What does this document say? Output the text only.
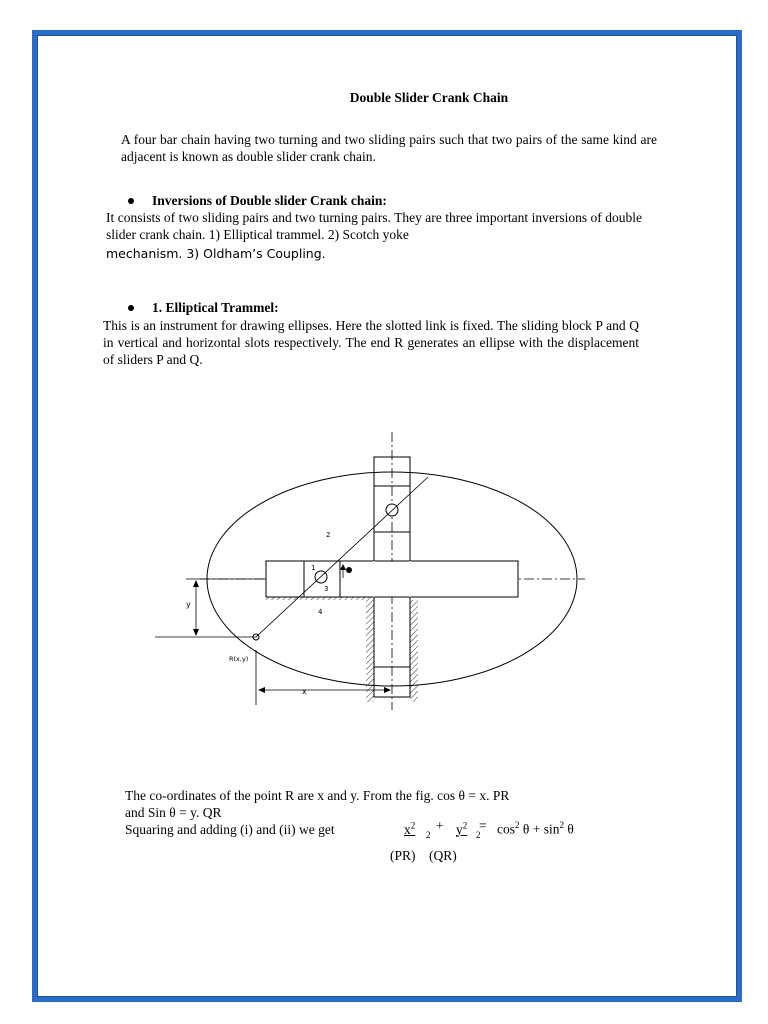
Double Slider Crank Chain
A four bar chain having two turning and two sliding pairs such that two pairs of the same kind are adjacent is known as double slider crank chain.
Inversions of Double slider Crank chain:
It consists of two sliding pairs and two turning pairs. They are three important inversions of double slider crank chain. 1) Elliptical trammel. 2) Scotch yoke
mechanism. 3) Oldham’s Coupling.
1. Elliptical Trammel:
This is an instrument for drawing ellipses. Here the slotted link is fixed. The sliding block P and Q in vertical and horizontal slots respectively. The end R generates an ellipse with the displacement of sliders P and Q.
2
1
3
4
y
x
R(x,y)
The co-ordinates of the point R are x and y. From the fig. cos θ = x. PR
and Sin θ = y. QR
Squaring and adding (i) and (ii) we get	$x^2$
2
+ $y^2$
2
= $\cos^2 \theta + \sin^2 \theta$
(PR)    (QR)
